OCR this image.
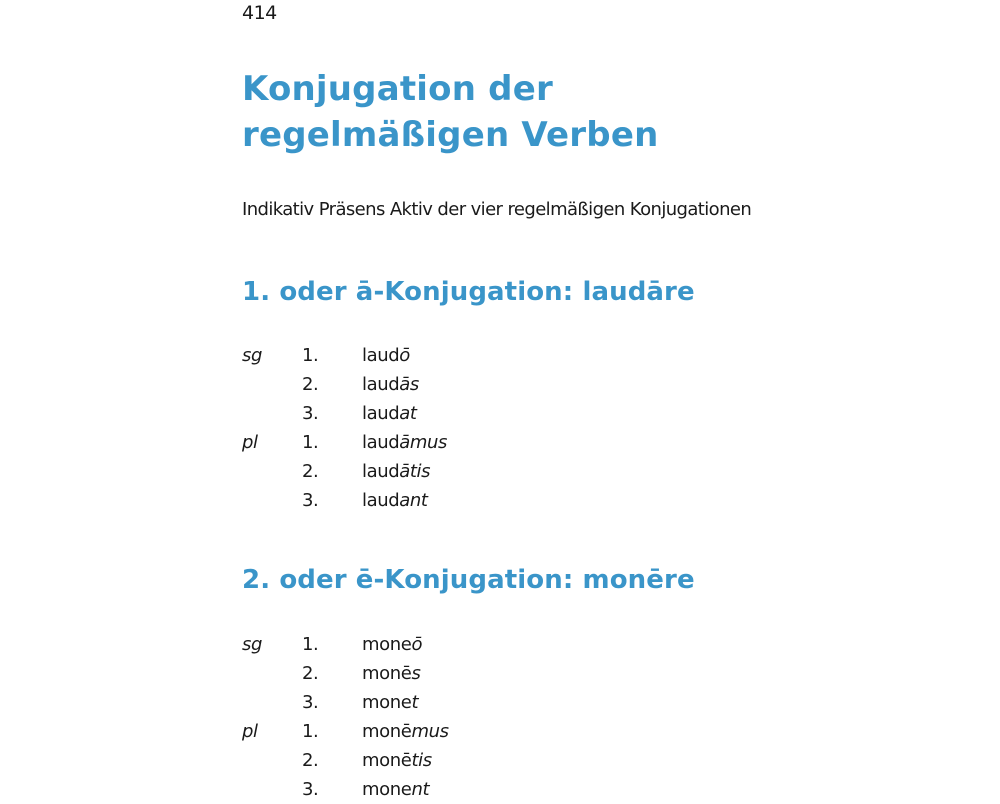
414
Konjugation der
regelmäßigen Verben
Indikativ Präsens Aktiv der vier regelmäßigen Konjugationen
1. oder ā-Konjugation: laudāre
sg 1. laudō
2. laudās
3. laudat
pl 1. laudāmus
2. laudātis
3. laudant
2. oder ē-Konjugation: monēre
sg 1. moneō
2. monēs
3. monet
pl 1. monēmus
2. monētis
3. monent
